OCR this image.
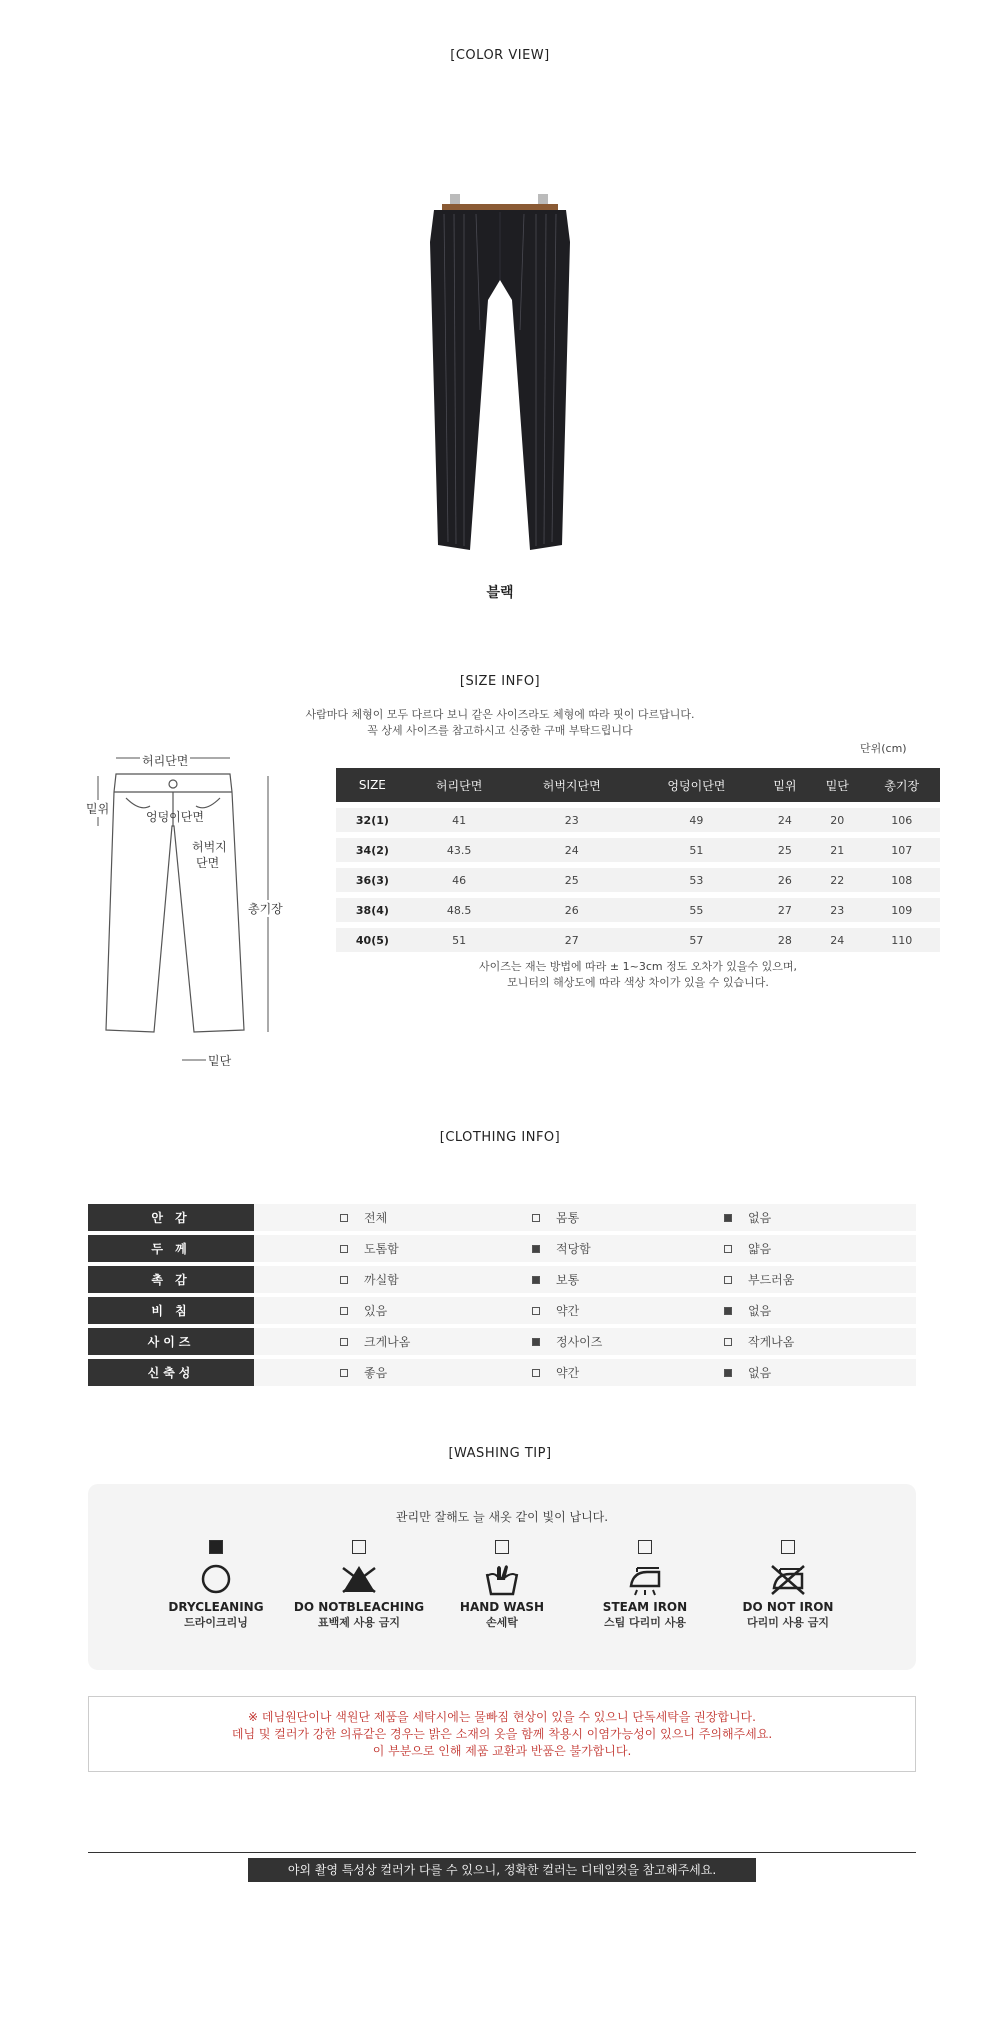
[COLOR VIEW]
블랙
[SIZE INFO]
사람마다 체형이 모두 다르다 보니 같은 사이즈라도 체형에 따라 핏이 다르답니다.
꼭 상세 사이즈를 참고하시고 신중한 구매 부탁드립니다
단위(cm)
허리단면
밑위
엉덩이단면
허벅지
단면
총기장
밑단
SIZE	허리단면	허벅지단면	엉덩이단면	밑위	밑단	총기장
32(1)	41	23	49	24	20	106
34(2)	43.5	24	51	25	21	107
36(3)	46	25	53	26	22	108
38(4)	48.5	26	55	27	23	109
40(5)	51	27	57	28	24	110
사이즈는 재는 방법에 따라 ± 1~3cm 정도 오차가 있을수 있으며,
모니터의 해상도에 따라 색상 차이가 있을 수 있습니다.
[CLOTHING INFO]
안 감	전체	몸통	없음
두 께	도톰함	적당함	얇음
촉 감	까실함	보통	부드러움
비 침	있음	약간	없음
사이즈	크게나옴	정사이즈	작게나옴
신축성	좋음	약간	없음
[WASHING TIP]
관리만 잘해도 늘 새옷 같이 빛이 납니다.
DRYCLEANING
드라이크리닝
DO NOTBLEACHING
표백제 사용 금지
HAND WASH
손세탁
STEAM IRON
스팀 다리미 사용
DO NOT IRON
다리미 사용 금지
※ 데님원단이나 색원단 제품을 세탁시에는 물빠짐 현상이 있을 수 있으니 단독세탁을 권장합니다.
데님 및 컬러가 강한 의류같은 경우는 밝은 소재의 옷을 함께 착용시 이염가능성이 있으니 주의해주세요.
이 부분으로 인해 제품 교환과 반품은 불가합니다.
야외 촬영 특성상 컬러가 다를 수 있으니, 정확한 컬러는 디테일컷을 참고해주세요.
